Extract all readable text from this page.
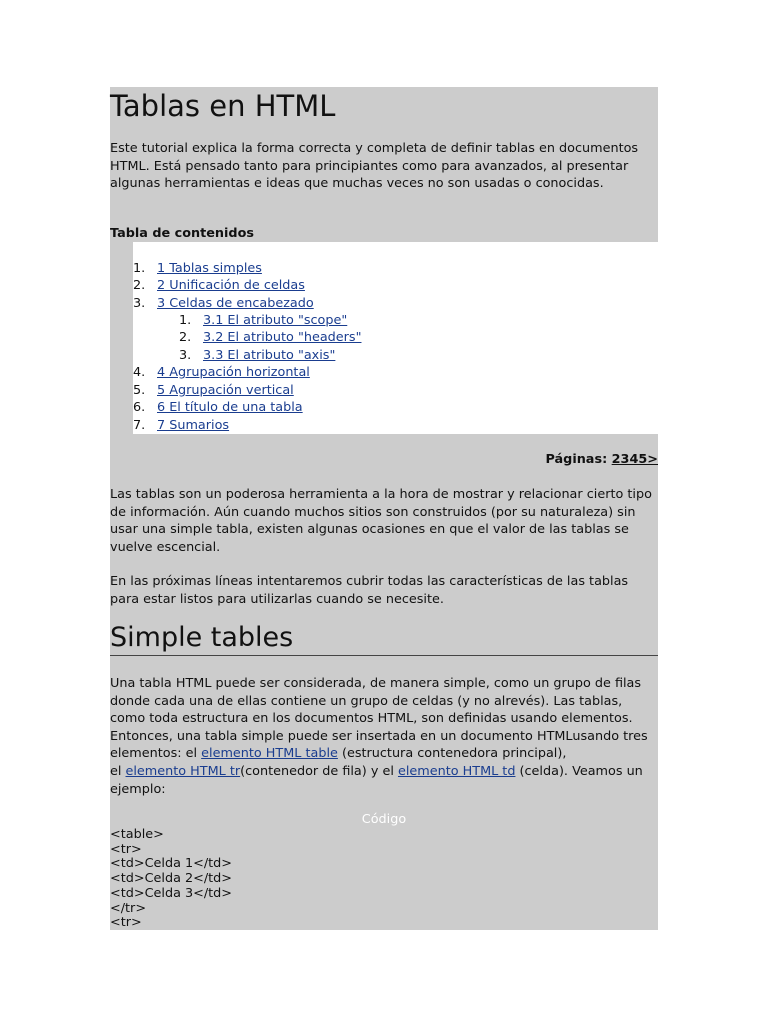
Tablas en HTML

Este tutorial explica la forma correcta y completa de definir tablas en documentos HTML. Está pensado tanto para principiantes como para avanzados, al presentar algunas herramientas e ideas que muchas veces no son usadas o conocidas.

Tabla de contenidos
1. 1 Tablas simples
2. 2 Unificación de celdas
3. 3 Celdas de encabezado
1. 3.1 El atributo "scope"
2. 3.2 El atributo "headers"
3. 3.3 El atributo "axis"
4. 4 Agrupación horizontal
5. 5 Agrupación vertical
6. 6 El título de una tabla
7. 7 Sumarios
Páginas: 2345>

Las tablas son un poderosa herramienta a la hora de mostrar y relacionar cierto tipo de información. Aún cuando muchos sitios son construidos (por su naturaleza) sin usar una simple tabla, existen algunas ocasiones en que el valor de las tablas se vuelve escencial.

En las próximas líneas intentaremos cubrir todas las características de las tablas para estar listos para utilizarlas cuando se necesite.

Simple tables

Una tabla HTML puede ser considerada, de manera simple, como un grupo de filas donde cada una de ellas contiene un grupo de celdas (y no alrevés). Las tablas, como toda estructura en los documentos HTML, son definidas usando elementos. Entonces, una tabla simple puede ser insertada en un documento HTMLusando tres elementos: el elemento HTML table (estructura contenedora principal),
el elemento HTML tr(contenedor de fila) y el elemento HTML td (celda). Veamos un ejemplo:

Código
<table>
<tr>
<td>Celda 1</td>
<td>Celda 2</td>
<td>Celda 3</td>
</tr>
<tr>
